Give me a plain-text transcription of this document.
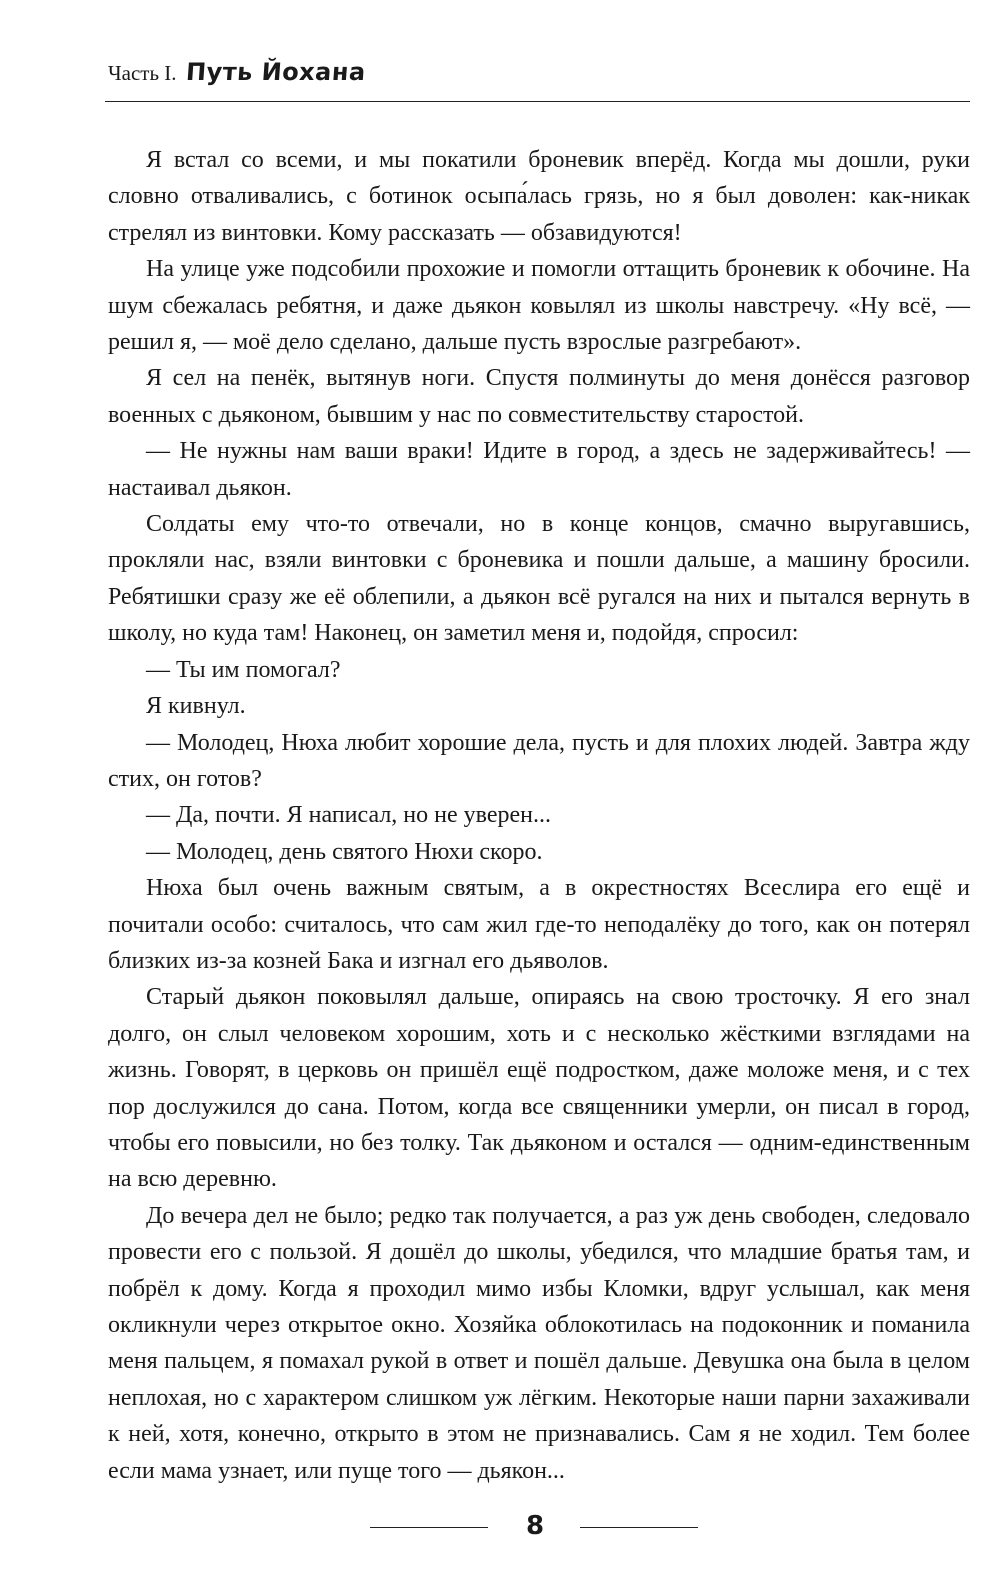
Часть I. Путь Йохана

Я встал со всеми, и мы покатили броневик вперёд. Когда мы дошли, руки словно отваливались, с ботинок осыпа́лась грязь, но я был доволен: как-никак стрелял из винтовки. Кому рассказать — обзавидуются!

На улице уже подсобили прохожие и помогли оттащить броневик к обочине. На шум сбежалась ребятня, и даже дьякон ковылял из школы навстречу. «Ну всё, — решил я, — моё дело сделано, дальше пусть взрослые разгребают».

Я сел на пенёк, вытянув ноги. Спустя полминуты до меня донёсся разговор военных с дьяконом, бывшим у нас по совместительству старостой.

— Не нужны нам ваши враки! Идите в город, а здесь не задерживайтесь! — настаивал дьякон.

Солдаты ему что-то отвечали, но в конце концов, смачно выругавшись, прокляли нас, взяли винтовки с броневика и пошли дальше, а машину бросили. Ребятишки сразу же её облепили, а дьякон всё ругался на них и пытался вернуть в школу, но куда там! Наконец, он заметил меня и, подойдя, спросил:

— Ты им помогал?

Я кивнул.

— Молодец, Нюха любит хорошие дела, пусть и для плохих людей. Завтра жду стих, он готов?

— Да, почти. Я написал, но не уверен...

— Молодец, день святого Нюхи скоро.

Нюха был очень важным святым, а в окрестностях Всеслира его ещё и почитали особо: считалось, что сам жил где-то неподалёку до того, как он потерял близких из-за козней Бака и изгнал его дьяволов.

Старый дьякон поковылял дальше, опираясь на свою тросточку. Я его знал долго, он слыл человеком хорошим, хоть и с несколько жёсткими взглядами на жизнь. Говорят, в церковь он пришёл ещё подростком, даже моложе меня, и с тех пор дослужился до сана. Потом, когда все священники умерли, он писал в город, чтобы его повысили, но без толку. Так дьяконом и остался — одним-единственным на всю деревню.

До вечера дел не было; редко так получается, а раз уж день свободен, следовало провести его с пользой. Я дошёл до школы, убедился, что младшие братья там, и побрёл к дому. Когда я проходил мимо избы Кломки, вдруг услышал, как меня окликнули через открытое окно. Хозяйка облокотилась на подоконник и поманила меня пальцем, я помахал рукой в ответ и пошёл дальше. Девушка она была в целом неплохая, но с характером слишком уж лёгким. Некоторые наши парни захаживали к ней, хотя, конечно, открыто в этом не признавались. Сам я не ходил. Тем более если мама узнает, или пуще того — дьякон...

8
